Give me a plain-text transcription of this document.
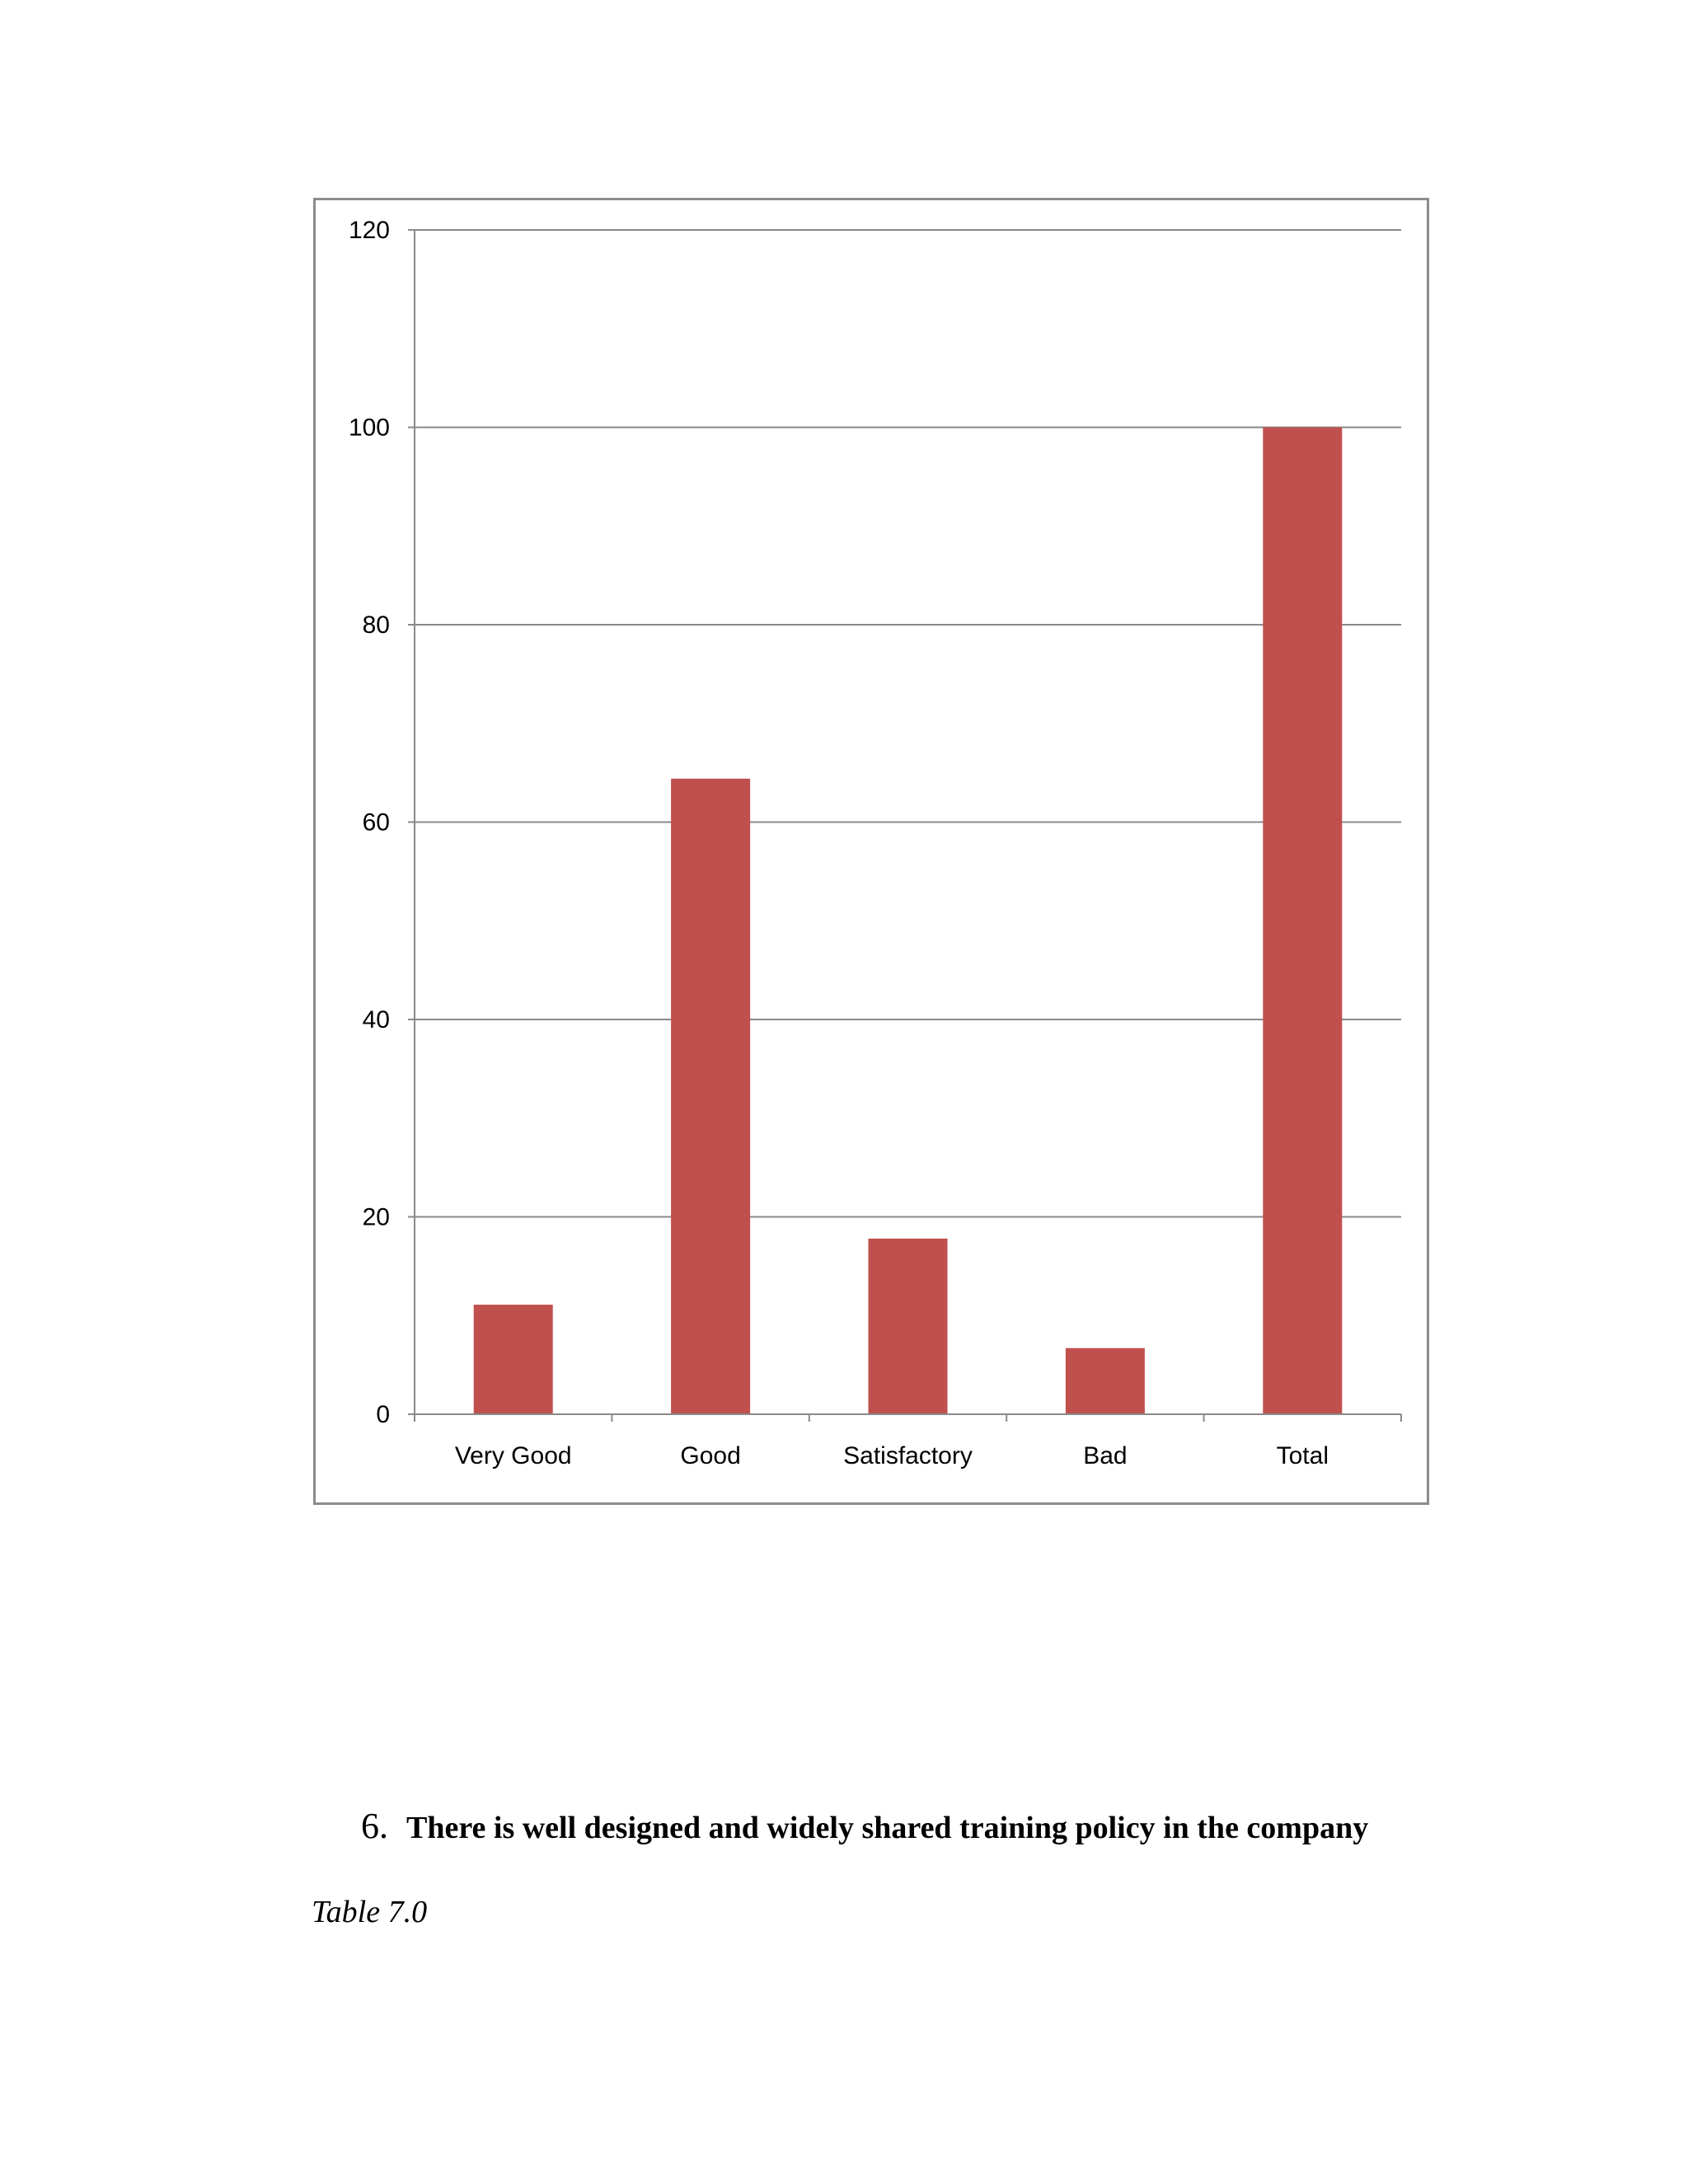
0
20
40
60
80
100
120
Very Good	Good	Satisfactory	Bad	Total
6. There is well designed and widely shared training policy in the company
Table 7.0
